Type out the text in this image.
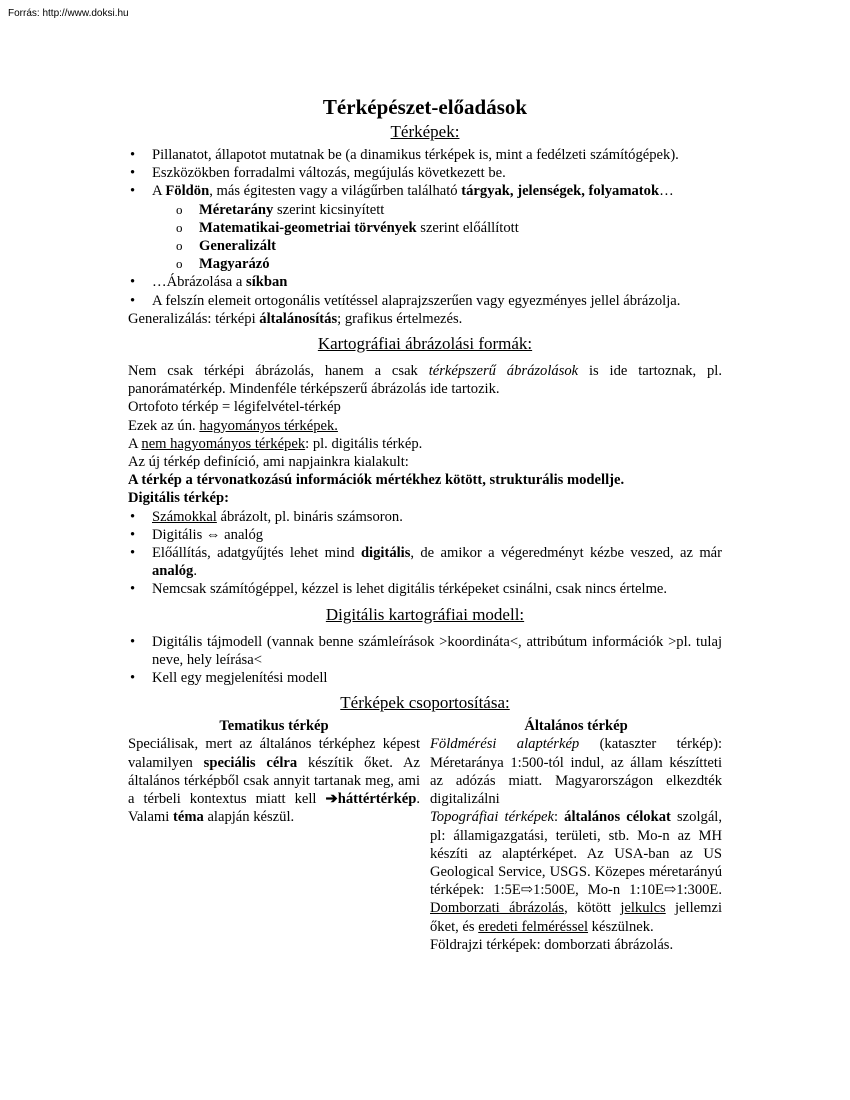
Forrás: http://www.doksi.hu
Térképészet-előadások
Térképek:
• Pillanatot, állapotot mutatnak be (a dinamikus térképek is, mint a fedélzeti számítógépek).
• Eszközökben forradalmi változás, megújulás következett be.
• A Földön, más égitesten vagy a világűrben található tárgyak, jelenségek, folyamatok…
o Méretarány szerint kicsinyített
o Matematikai-geometriai törvények szerint előállított
o Generalizált
o Magyarázó
• …Ábrázolása a síkban
• A felszín elemeit ortogonális vetítéssel alaprajzszerűen vagy egyezményes jellel ábrázolja.

Generalizálás: térképi általánosítás; grafikus értelmezés.

Kartográfiai ábrázolási formák:

Nem csak térképi ábrázolás, hanem a csak térképszerű ábrázolások is ide tartoznak, pl. panorámatérkép. Mindenféle térképszerű ábrázolás ide tartozik.

Ortofoto térkép = légifelvétel-térkép

Ezek az ún. hagyományos térképek.

A nem hagyományos térképek: pl. digitális térkép.

Az új térkép definíció, ami napjainkra kialakult:

A térkép a térvonatkozású információk mértékhez kötött, strukturális modellje.

Digitális térkép:

• Számokkal ábrázolt, pl. bináris számsoron.
• Digitális ⇔ analóg
• Előállítás, adatgyűjtés lehet mind digitális, de amikor a végeredményt kézbe veszed, az már analóg.
• Nemcsak számítógéppel, kézzel is lehet digitális térképeket csinálni, csak nincs értelme.
Digitális kartográfiai modell:
• Digitális tájmodell (vannak benne számleírások >koordináta<, attribútum információk >pl. tulaj neve, hely leírása<
• Kell egy megjelenítési modell
Térképek csoportosítása:
Tematikus térkép

Speciálisak, mert az általános térképhez képest valamilyen speciális célra készítik őket. Az általános térképből csak annyit tartanak meg, ami a térbeli kontextus miatt kell ➔háttértérkép. Valami téma alapján készül.

Általános térkép

Földmérési alaptérkép (kataszter térkép): Méretaránya 1:500-tól indul, az állam készítteti az adózás miatt. Magyarországon elkezdték digitalizálni

Topográfiai térképek: általános célokat szolgál, pl: államigazgatási, területi, stb. Mo-n az MH készíti az alaptérképet. Az USA-ban az US Geological Service, USGS. Közepes méretarányú térképek: 1:5E⇨1:500E, Mo-n 1:10E⇨1:300E. Domborzati ábrázolás, kötött jelkulcs jellemzi őket, és eredeti felméréssel készülnek.

Földrajzi térképek: domborzati ábrázolás.
